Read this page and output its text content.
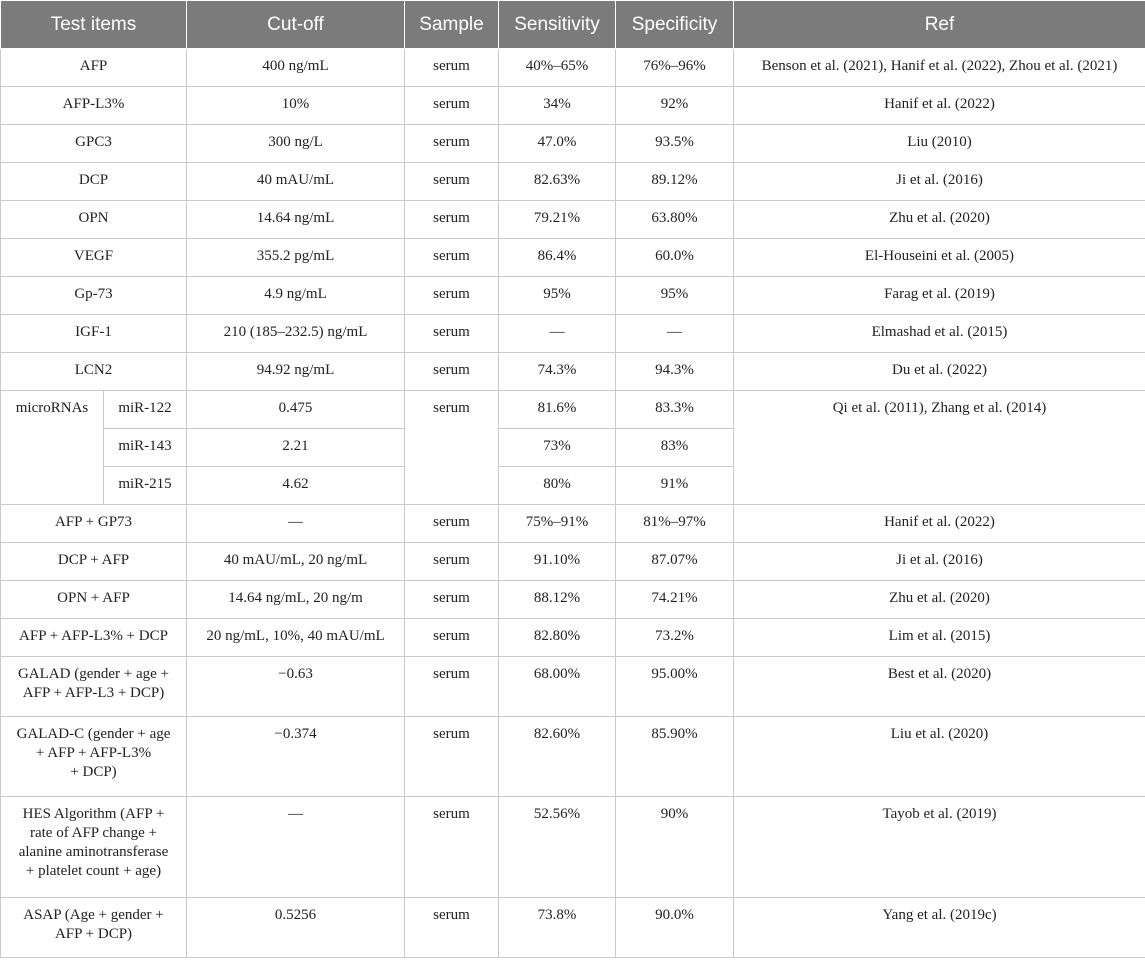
Test items		Cut-off	Sample	Sensitivity	Specificity	Ref
AFP		400 ng/mL	serum	40%–65%	76%–96%	Benson et al. (2021), Hanif et al. (2022), Zhou et al. (2021)
AFP-L3%		10%	serum	34%	92%	Hanif et al. (2022)
GPC3		300 ng/L	serum	47.0%	93.5%	Liu (2010)
DCP		40 mAU/mL	serum	82.63%	89.12%	Ji et al. (2016)
OPN		14.64 ng/mL	serum	79.21%	63.80%	Zhu et al. (2020)
VEGF		355.2 pg/mL	serum	86.4%	60.0%	El-Houseini et al. (2005)
Gp-73		4.9 ng/mL	serum	95%	95%	Farag et al. (2019)
IGF-1		210 (185–232.5) ng/mL	serum	—	—	Elmashad et al. (2015)
LCN2		94.92 ng/mL	serum	74.3%	94.3%	Du et al. (2022)
microRNAs	miR-122	0.475	serum	81.6%	83.3%	Qi et al. (2011), Zhang et al. (2014)
	miR-143	2.21		73%	83%	
	miR-215	4.62		80%	91%	
AFP + GP73		—	serum	75%–91%	81%–97%	Hanif et al. (2022)
DCP + AFP		40 mAU/mL, 20 ng/mL	serum	91.10%	87.07%	Ji et al. (2016)
OPN + AFP		14.64 ng/mL, 20 ng/m	serum	88.12%	74.21%	Zhu et al. (2020)
AFP + AFP-L3% + DCP		20 ng/mL, 10%, 40 mAU/mL	serum	82.80%	73.2%	Lim et al. (2015)

GALAD (gender + age +
AFP + AFP-L3 + DCP)		−0.63	serum	68.00%	95.00%	Best et al. (2020)

GALAD-C (gender + age
+ AFP + AFP-L3%
+ DCP)		−0.374	serum	82.60%	85.90%	Liu et al. (2020)

HES Algorithm (AFP +
rate of AFP change +
alanine aminotransferase
+ platelet count + age)		—	serum	52.56%	90%	Tayob et al. (2019)

ASAP (Age + gender +
AFP + DCP)		0.5256	serum	73.8%	90.0%	Yang et al. (2019c)
